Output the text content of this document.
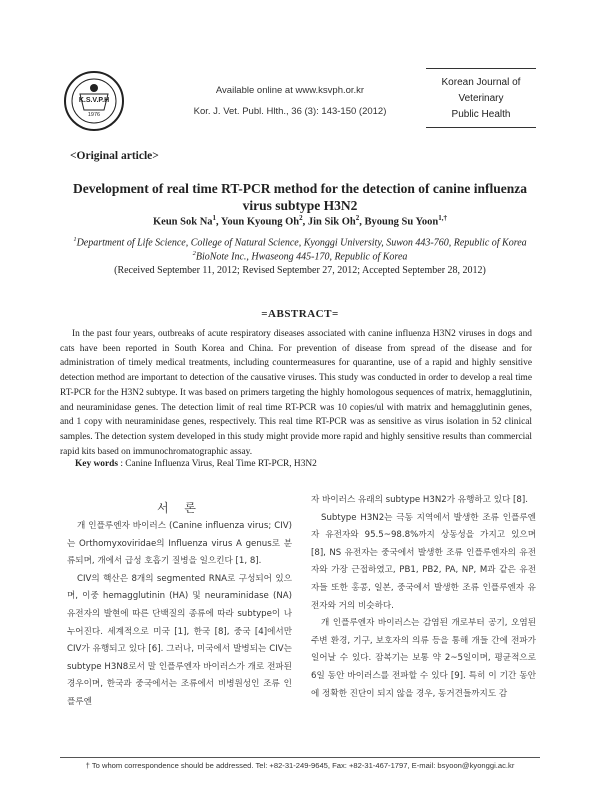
K.S.V.P.H
1976
Available online at www.ksvph.or.kr
Kor. J. Vet. Publ. Hlth., 36 (3): 143-150 (2012)
Korean Journal of
Veterinary
Public Health
<Original article>
Development of real time RT-PCR method for the detection of canine influenza
virus subtype H3N2
Keun Sok Na$^1$, Youn Kyoung Oh$^2$, Jin Sik Oh$^2$, Byoung Su Yoon$^{1,\dagger}$
$^1$Department of Life Science, College of Natural Science, Kyonggi University, Suwon 443-760, Republic of Korea
$^2$BioNote Inc., Hwaseong 445-170, Republic of Korea
(Received September 11, 2012; Revised September 27, 2012; Accepted September 28, 2012)
=ABSTRACT=

In the past four years, outbreaks of acute respiratory diseases associated with canine influenza H3N2 viruses in dogs and cats have been reported in South Korea and China. For prevention of disease from spread of the disease and for administration of timely medical treatments, including countermeasures for quarantine, use of a rapid and highly sensitive detection method are important to detection of the causative viruses. This study was conducted in order to develop a real time RT-PCR for the H3N2 subtype. It was based on primers targeting the highly homologous sequences of matrix, hemagglutinin, and neuraminidase genes. The detection limit of real time RT-PCR was 10 copies/ul with matrix and hemagglutinin genes, and 1 copy with neuraminidase genes, respectively. This real time RT-PCR was as sensitive as virus isolation in 52 clinical samples. The detection system developed in this study might provide more rapid and highly sensitive results than commercial rapid kits based on immunochromatographic assay.

Key words : Canine Influenza Virus, Real Time RT-PCR, H3N2

서 론

개 인플루엔자 바이러스 (Canine influenza virus; CIV)는 Orthomyxoviridae의 Influenza virus A genus로 분류되며, 개에서 급성 호흡기 질병을 일으킨다 [1, 8].

CIV의 핵산은 8개의 segmented RNA로 구성되어 있으며, 이중 hemagglutinin (HA) 및 neuraminidase (NA) 유전자의 발현에 따른 단백질의 종류에 따라 subtype이 나누어진다. 세계적으로 미국 [1], 한국 [8], 중국 [4]에서만 CIV가 유행되고 있다 [6]. 그러나, 미국에서 발병되는 CIV는 subtype H3N8로서 말 인플루엔자 바이러스가 개로 전파된 경우이며, 한국과 중국에서는 조류에서 비병원성인 조류 인플루엔

자 바이러스 유래의 subtype H3N2가 유행하고 있다 [8].

Subtype H3N2는 극동 지역에서 발생한 조류 인플루엔자 유전자와 95.5~98.8%까지 상동성을 가지고 있으며 [8], NS 유전자는 중국에서 발생한 조류 인플루엔자의 유전자와 가장 근접하였고, PB1, PB2, PA, NP, M과 같은 유전자들 또한 홍콩, 일본, 중국에서 발생한 조류 인플루엔자 유전자와 거의 비슷하다.

개 인플루엔자 바이러스는 감염된 개로부터 공기, 오염된 주변 환경, 기구, 보호자의 의류 등을 통해 개들 간에 전파가 일어날 수 있다. 잠복기는 보통 약 2~5일이며, 평균적으로 6일 동안 바이러스를 전파할 수 있다 [9]. 특히 이 기간 동안에 정확한 진단이 되지 않을 경우, 동거견들까지도 감

† To whom correspondence should be addressed. Tel: +82-31-249-9645, Fax: +82-31-467-1797, E-mail: bsyoon@kyonggi.ac.kr
